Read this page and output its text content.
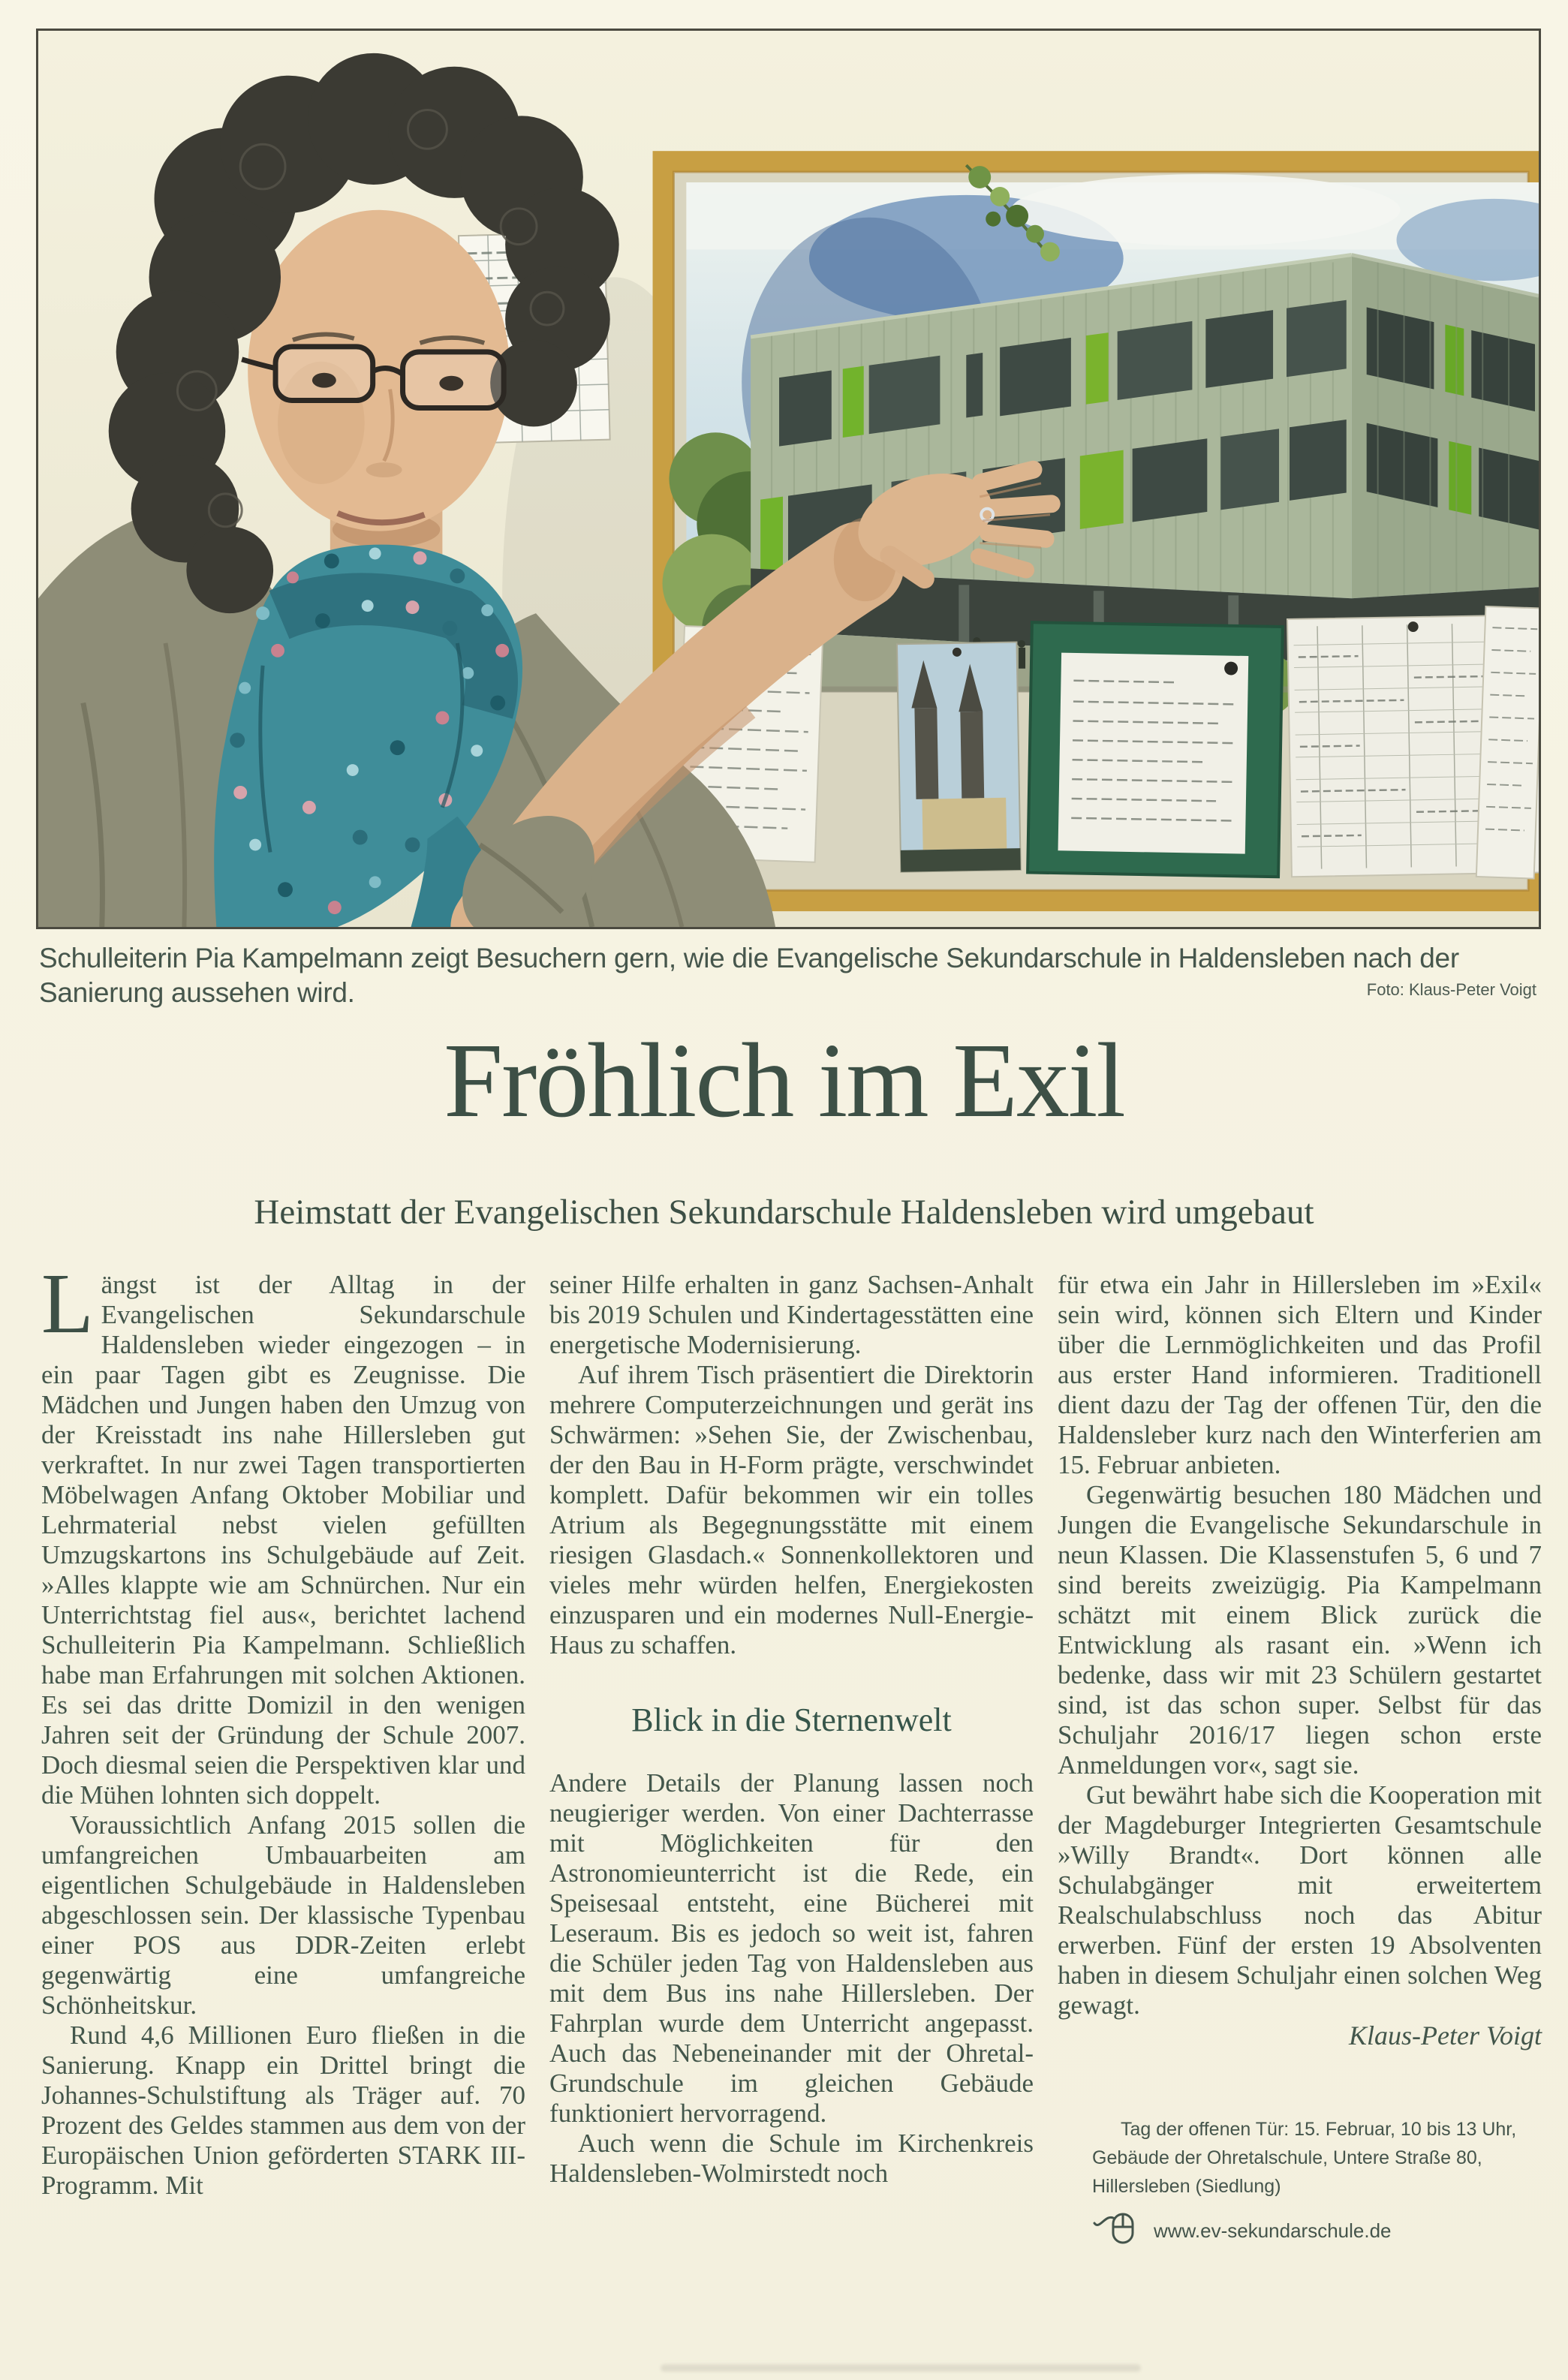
Schulleiterin Pia Kampelmann zeigt Besuchern gern, wie die Evangelische Sekundarschule in Haldensleben nach der Sanierung aussehen wird.	Foto: Klaus-Peter Voigt
Fröhlich im Exil
Heimstatt der Evangelischen Sekundarschule Haldensleben wird umgebaut

Längst ist der Alltag in der Evangelischen Sekundarschule Haldensleben wieder eingezogen – in ein paar Tagen gibt es Zeugnisse. Die Mädchen und Jungen haben den Umzug von der Kreisstadt ins nahe Hillersleben gut verkraftet. In nur zwei Tagen transportierten Möbelwagen Anfang Oktober Mobiliar und Lehrmaterial nebst vielen gefüllten Umzugskartons ins Schulgebäude auf Zeit. »Alles klappte wie am Schnürchen. Nur ein Unterrichtstag fiel aus«, berichtet lachend Schulleiterin Pia Kampelmann. Schließlich habe man Erfahrungen mit solchen Aktionen. Es sei das dritte Domizil in den wenigen Jahren seit der Gründung der Schule 2007. Doch diesmal seien die Perspektiven klar und die Mühen lohnten sich doppelt.

Voraussichtlich Anfang 2015 sollen die umfangreichen Umbauarbeiten am eigentlichen Schulgebäude in Haldensleben abgeschlossen sein. Der klassische Typenbau einer POS aus DDR-Zeiten erlebt gegenwärtig eine umfangreiche Schönheitskur.

Rund 4,6 Millionen Euro fließen in die Sanierung. Knapp ein Drittel bringt die Johannes-Schulstiftung als Träger auf. 70 Prozent des Geldes stammen aus dem von der Europäischen Union geförderten STARK III-Programm. Mit

seiner Hilfe erhalten in ganz Sachsen-Anhalt bis 2019 Schulen und Kindertagesstätten eine energetische Modernisierung.

Auf ihrem Tisch präsentiert die Direktorin mehrere Computerzeichnungen und gerät ins Schwärmen: »Sehen Sie, der Zwischenbau, der den Bau in H-Form prägte, verschwindet komplett. Dafür bekommen wir ein tolles Atrium als Begegnungsstätte mit einem riesigen Glasdach.« Sonnenkollektoren und vieles mehr würden helfen, Energiekosten einzusparen und ein modernes Null-Energie-Haus zu schaffen.

Blick in die Sternenwelt

Andere Details der Planung lassen noch neugieriger werden. Von einer Dachterrasse mit Möglichkeiten für den Astronomieunterricht ist die Rede, ein Speisesaal entsteht, eine Bücherei mit Leseraum. Bis es jedoch so weit ist, fahren die Schüler jeden Tag von Haldensleben aus mit dem Bus ins nahe Hillersleben. Der Fahrplan wurde dem Unterricht angepasst. Auch das Nebeneinander mit der Ohretal-Grundschule im gleichen Gebäude funktioniert hervorragend.

Auch wenn die Schule im Kirchenkreis Haldensleben-Wolmirstedt noch

für etwa ein Jahr in Hillersleben im »Exil« sein wird, können sich Eltern und Kinder über die Lernmöglichkeiten und das Profil aus erster Hand informieren. Traditionell dient dazu der Tag der offenen Tür, den die Haldensleber kurz nach den Winterferien am 15. Februar anbieten.

Gegenwärtig besuchen 180 Mädchen und Jungen die Evangelische Sekundarschule in neun Klassen. Die Klassenstufen 5, 6 und 7 sind bereits zweizügig. Pia Kampelmann schätzt mit einem Blick zurück die Entwicklung als rasant ein. »Wenn ich bedenke, dass wir mit 23 Schülern gestartet sind, ist das schon super. Selbst für das Schuljahr 2016/17 liegen schon erste Anmeldungen vor«, sagt sie.

Gut bewährt habe sich die Kooperation mit der Magdeburger Integrierten Gesamtschule »Willy Brandt«. Dort können alle Schulabgänger mit erweitertem Realschulabschluss noch das Abitur erwerben. Fünf der ersten 19 Absolventen haben in diesem Schuljahr einen solchen Weg gewagt.

Klaus-Peter Voigt

Tag der offenen Tür: 15. Februar, 10 bis 13 Uhr, Gebäude der Ohretalschule, Untere Straße 80, Hillersleben (Siedlung)

www.ev-sekundarschule.de
